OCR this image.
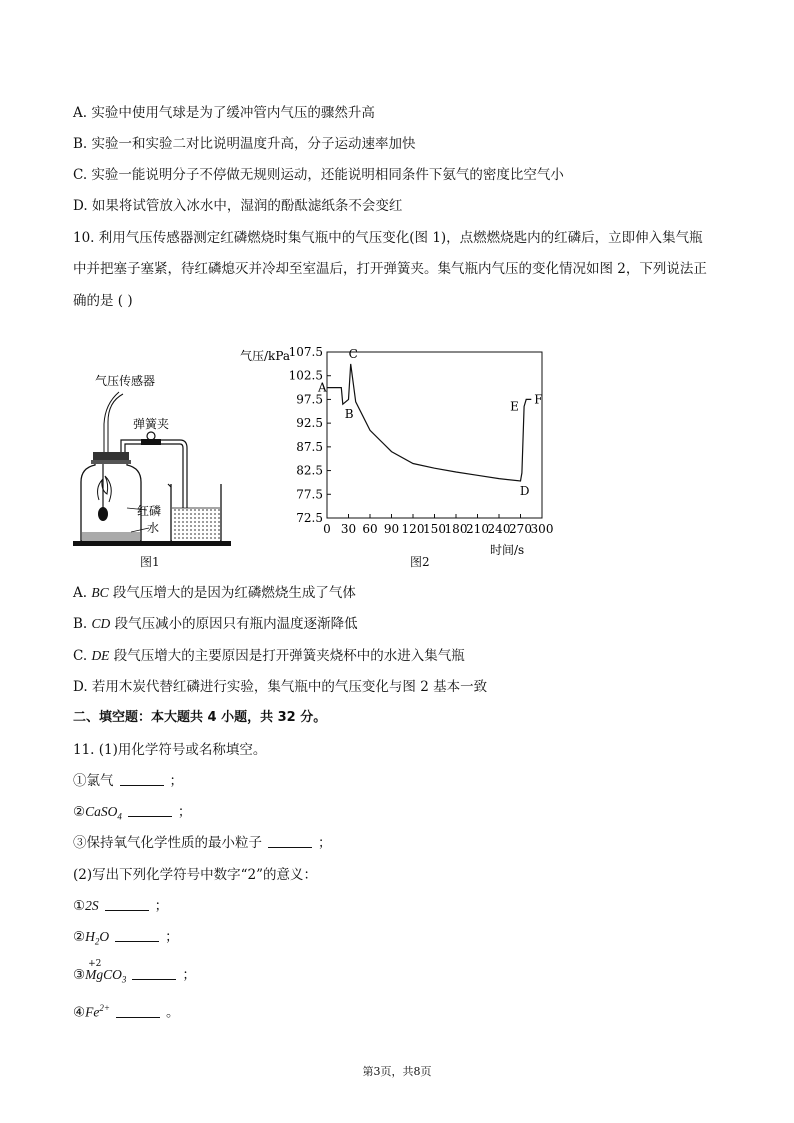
A. 实验中使用气球是为了缓冲管内气压的骤然升高
B. 实验一和实验二对比说明温度升高，分子运动速率加快
C. 实验一能说明分子不停做无规则运动，还能说明相同条件下氨气的密度比空气小
D. 如果将试管放入冰水中，湿润的酚酞滤纸条不会变红
10. 利用气压传感器测定红磷燃烧时集气瓶中的气压变化(图 1)，点燃燃烧匙内的红磷后，立即伸入集气瓶
中并把塞子塞紧，待红磷熄灭并冷却至室温后，打开弹簧夹。集气瓶内气压的变化情况如图 2，下列说法正
确的是 ( )
气压传感器
弹簧夹
红磷
水
图1
72.5
77.5
82.5
87.5
92.5
97.5
102.5
107.5
0 30 60 90 120
150
180
210
240
270
300
A
B
C
D
E
F
气压/kPa
时间/s
图2
A. BC 段气压增大的是因为红磷燃烧生成了气体
B. CD 段气压减小的原因只有瓶内温度逐渐降低
C. DE 段气压增大的主要原因是打开弹簧夹烧杯中的水进入集气瓶
D. 若用木炭代替红磷进行实验，集气瓶中的气压变化与图 2 基本一致
二、填空题：本大题共 4 小题，共 32 分。
11. (1)用化学符号或名称填空。
①氯气	；
②CaSO$_4$	；
③保持氧气化学性质的最小粒子	；
(2)写出下列化学符号中数字“2”的意义：
①2S	；
$②H_2O$	；
③
+2
MgCO$_3$	；
$④Fe^{2+}$	。
第3页，共8页
